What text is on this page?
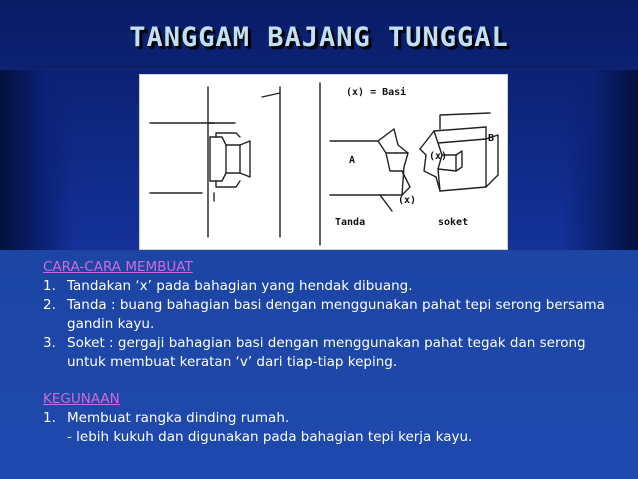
TANGGAM BAJANG TUNGGAL
(x) = Basi
A
B
(x)
(x)
Tanda	soket
CARA-CARA MEMBUAT
1. Tandakan ‘x’ pada bahagian yang hendak dibuang.
2. Tanda : buang bahagian basi dengan menggunakan pahat tepi serong bersama gandin kayu.
3. Soket : gergaji bahagian basi dengan menggunakan pahat tegak dan serong untuk membuat keratan ‘v’ dari tiap-tiap keping.
KEGUNAAN
1. Membuat rangka dinding rumah.
- lebih kukuh dan digunakan pada bahagian tepi kerja kayu.
